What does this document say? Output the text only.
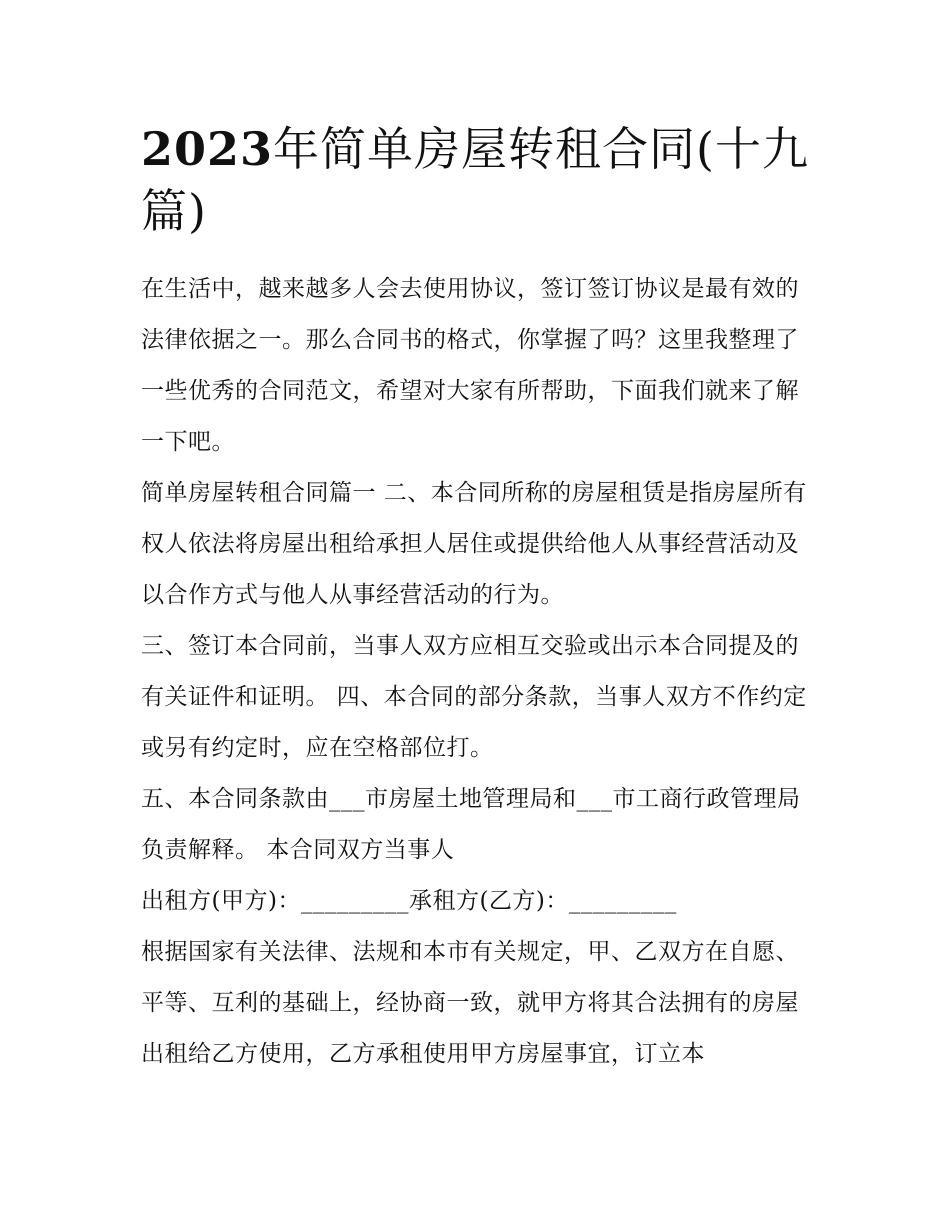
2023年简单房屋转租合同(十九篇)

在生活中，越来越多人会去使用协议，签订签订协议是最有效的法律依据之一。那么合同书的格式，你掌握了吗？这里我整理了一些优秀的合同范文，希望对大家有所帮助，下面我们就来了解一下吧。

简单房屋转租合同篇一 二、本合同所称的房屋租赁是指房屋所有权人依法将房屋出租给承担人居住或提供给他人从事经营活动及以合作方式与他人从事经营活动的行为。

三、签订本合同前，当事人双方应相互交验或出示本合同提及的有关证件和证明。 四、本合同的部分条款，当事人双方不作约定或另有约定时，应在空格部位打。

五、本合同条款由___市房屋土地管理局和___市工商行政管理局负责解释。 本合同双方当事人

出租方(甲方)：_________承租方(乙方)：_________

根据国家有关法律、法规和本市有关规定，甲、乙双方在自愿、平等、互利的基础上，经协商一致，就甲方将其合法拥有的房屋出租给乙方使用，乙方承租使用甲方房屋事宜，订立本
